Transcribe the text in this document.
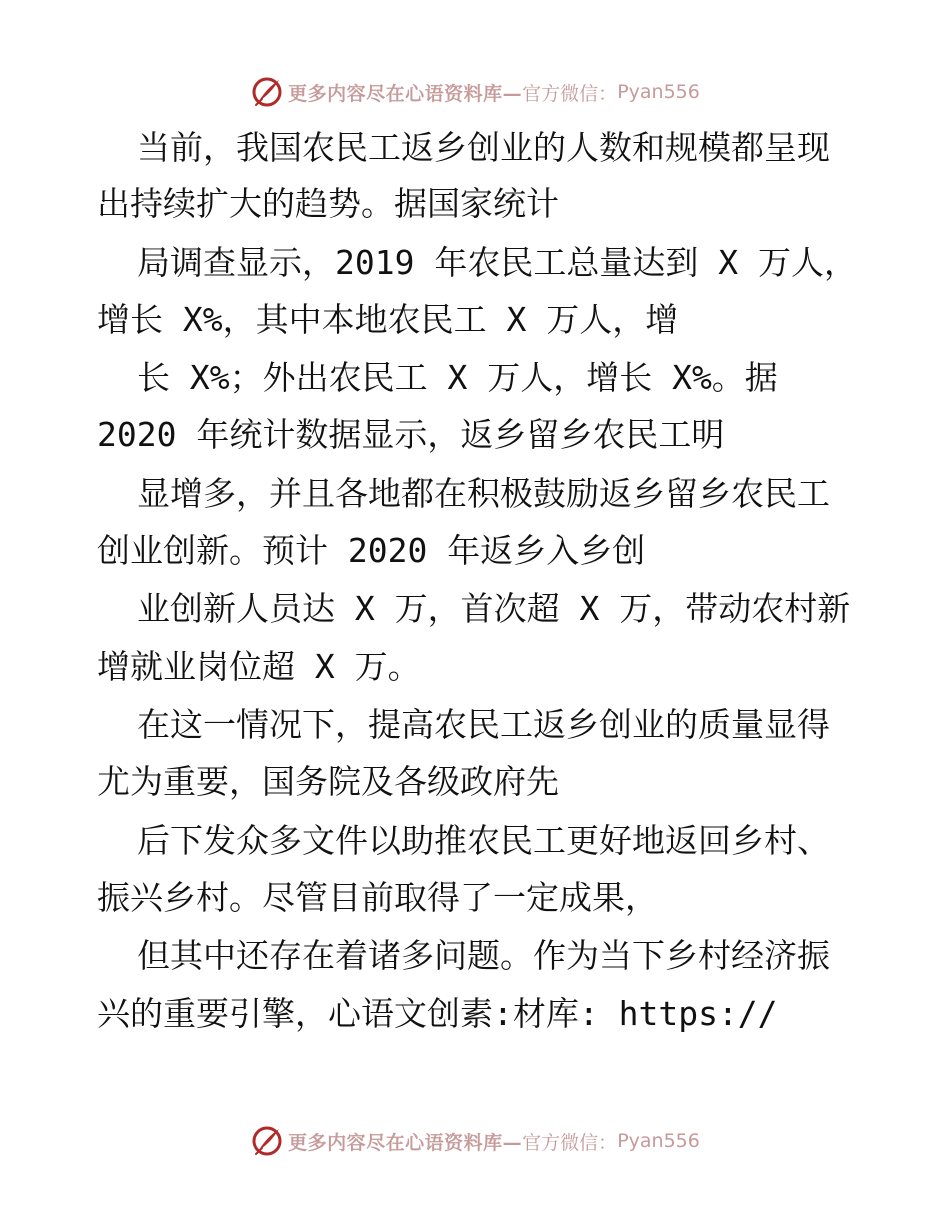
更多内容尽在心语资料库— 官方微信： Pyan556
当前，我国农民工返乡创业的人数和规模都呈现
出持续扩大的趋势。据国家统计
局调查显示，2019 年农民工总量达到 X 万人，
增长 X%，其中本地农民工 X 万人，增
长 X%；外出农民工 X 万人，增长 X%。据
2020 年统计数据显示，返乡留乡农民工明
显增多，并且各地都在积极鼓励返乡留乡农民工
创业创新。预计 2020 年返乡入乡创
业创新人员达 X 万，首次超 X 万，带动农村新
增就业岗位超 X 万。
在这一情况下，提高农民工返乡创业的质量显得
尤为重要，国务院及各级政府先
后下发众多文件以助推农民工更好地返回乡村、
振兴乡村。尽管目前取得了一定成果，
但其中还存在着诸多问题。作为当下乡村经济振
兴的重要引擎，心语文创素:材库: https://
更多内容尽在心语资料库— 官方微信： Pyan556
